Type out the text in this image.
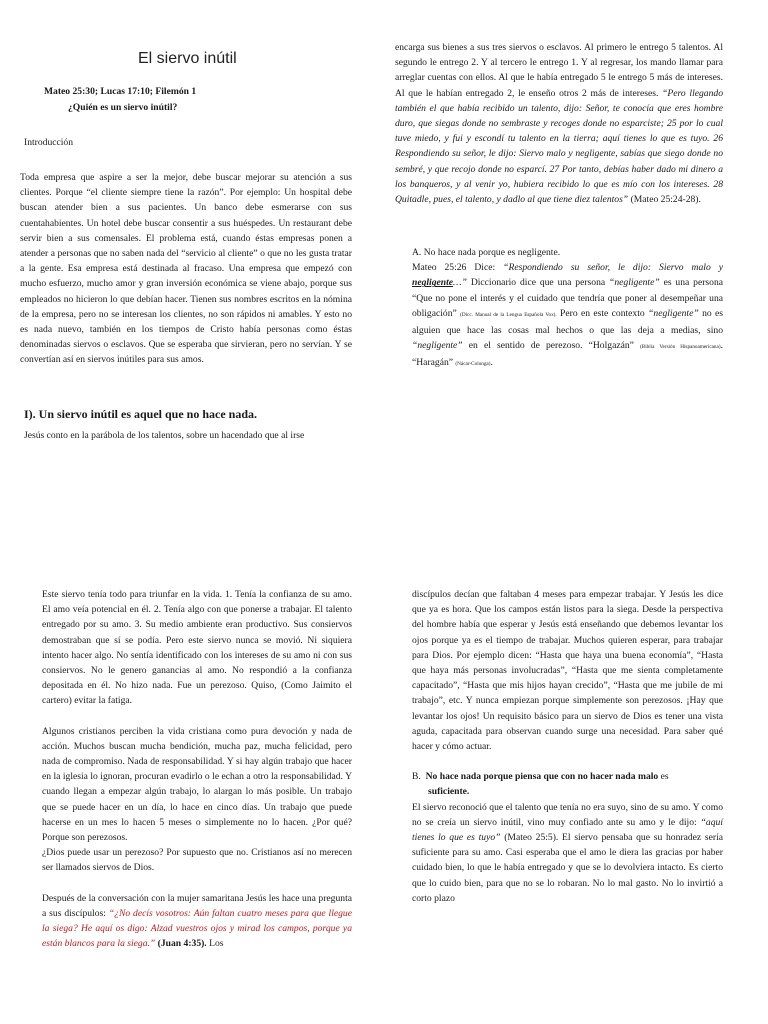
El siervo inútil
Mateo 25:30; Lucas 17:10; Filemón 1
¿Quién es un siervo inútil?
Introducción

Toda empresa que aspire a ser la mejor, debe buscar mejorar su atención a sus clientes. Porque “el cliente siempre tiene la razón”. Por ejemplo: Un hospital debe buscan atender bien a sus pacientes. Un banco debe esmerarse con sus cuentahabientes. Un hotel debe buscar consentir a sus huéspedes. Un restaurant debe servir bien a sus comensales. El problema está, cuando éstas empresas ponen a atender a personas que no saben nada del “servicio al cliente” o que no les gusta tratar a la gente. Esa empresa está destinada al fracaso. Una empresa que empezó con mucho esfuerzo, mucho amor y gran inversión económica se viene abajo, porque sus empleados no hicieron lo que debían hacer. Tienen sus nombres escritos en la nómina de la empresa, pero no se interesan los clientes, no son rápidos ni amables. Y esto no es nada nuevo, también en los tiempos de Cristo había personas como éstas denominadas siervos o esclavos. Que se esperaba que sirvieran, pero no servían. Y se convertían así en siervos inútiles para sus amos.

I). Un siervo inútil es aquel que no hace nada.

Jesús conto en la parábola de los talentos, sobre un hacendado que al irse

encarga sus bienes a sus tres siervos o esclavos. Al primero le entrego 5 talentos. Al segundo le entrego 2. Y al tercero le entrego 1. Y al regresar, los mando llamar para arreglar cuentas con ellos. Al que le había entregado 5 le entrego 5 más de intereses. Al que le habían entregado 2, le enseño otros 2 más de intereses. “Pero llegando también el que había recibido un talento, dijo: Señor, te conocía que eres hombre duro, que siegas donde no sembraste y recoges donde no esparciste; 25 por lo cual tuve miedo, y fui y escondí tu talento en la tierra; aquí tienes lo que es tuyo. 26 Respondiendo su señor, le dijo: Siervo malo y negligente, sabías que siego donde no sembré, y que recojo donde no esparcí. 27 Por tanto, debías haber dado mi dinero a los banqueros, y al venir yo, hubiera recibido lo que es mío con los intereses. 28 Quitadle, pues, el talento, y dadlo al que tiene diez talentos” (Mateo 25:24-28).

A. No hace nada porque es negligente.

Mateo 25:26 Dice: “Respondiendo su señor, le dijo: Siervo malo y negligente…” Diccionario dice que una persona “negligente” es una persona “Que no pone el interés y el cuidado que tendría que poner al desempeñar una obligación” (Dicc. Manual de la Lengua Española Vox). Pero en este contexto “negligente” no es alguien que hace las cosas mal hechos o que las deja a medias, sino “negligente” en el sentido de perezoso. “Holgazán” (Biblia Versión Hispanoamericana). “Haragán” (Nácar-Colunga).

Este siervo tenía todo para triunfar en la vida. 1. Tenía la confianza de su amo. El amo veía potencial en él. 2. Tenía algo con que ponerse a trabajar. El talento entregado por su amo. 3. Su medio ambiente eran productivo. Sus consiervos demostraban que sí se podía. Pero este siervo nunca se movió. Ni siquiera intento hacer algo. No sentía identificado con los intereses de su amo ni con sus consiervos. No le genero ganancias al amo. No respondió a la confianza depositada en él. No hizo nada. Fue un perezoso. Quiso, (Como Jaimito el cartero) evitar la fatiga.

Algunos cristianos perciben la vida cristiana como pura devoción y nada de acción. Muchos buscan mucha bendición, mucha paz, mucha felicidad, pero nada de compromiso. Nada de responsabilidad. Y si hay algún trabajo que hacer en la iglesia lo ignoran, procuran evadirlo o le echan a otro la responsabilidad. Y cuando llegan a empezar algún trabajo, lo alargan lo más posible. Un trabajo que se puede hacer en un día, lo hace en cinco días. Un trabajo que puede hacerse en un mes lo hacen 5 meses o simplemente no lo hacen. ¿Por qué? Porque son perezosos.

¿Dios puede usar un perezoso? Por supuesto que no. Cristianos así no merecen ser llamados siervos de Dios.

Después de la conversación con la mujer samaritana Jesús les hace una pregunta a sus discípulos: “¿No decís vosotros: Aún faltan cuatro meses para que llegue la siega? He aquí os digo: Alzad vuestros ojos y mirad los campos, porque ya están blancos para la siega.” (Juan 4:35). Los

discípulos decían que faltaban 4 meses para empezar trabajar. Y Jesús les dice que ya es hora. Que los campos están listos para la siega. Desde la perspectiva del hombre había que esperar y Jesús está enseñando que debemos levantar los ojos porque ya es el tiempo de trabajar. Muchos quieren esperar, para trabajar para Dios. Por ejemplo dicen: “Hasta que haya una buena economía”, “Hasta que haya más personas involucradas”, “Hasta que me sienta completamente capacitado”, “Hasta que mis hijos hayan crecido”, “Hasta que me jubile de mi trabajo”, etc. Y nunca empiezan porque simplemente son perezosos. ¡Hay que levantar los ojos! Un requisito básico para un siervo de Dios es tener una vista aguda, capacitada para observan cuando surge una necesidad. Para saber qué hacer y cómo actuar.

B. No hace nada porque piensa que con no hacer nada malo es
suficiente.

El siervo reconoció que el talento que tenía no era suyo, sino de su amo. Y como no se creía un siervo inútil, vino muy confiado ante su amo y le dijo: “aquí tienes lo que es tuyo” (Mateo 25:5). El siervo pensaba que su honradez sería suficiente para su amo. Casi esperaba que el amo le diera las gracias por haber cuidado bien, lo que le había entregado y que se lo devolviera intacto. Es cierto que lo cuido bien, para que no se lo robaran. No lo mal gasto. No lo invirtió a corto plazo
